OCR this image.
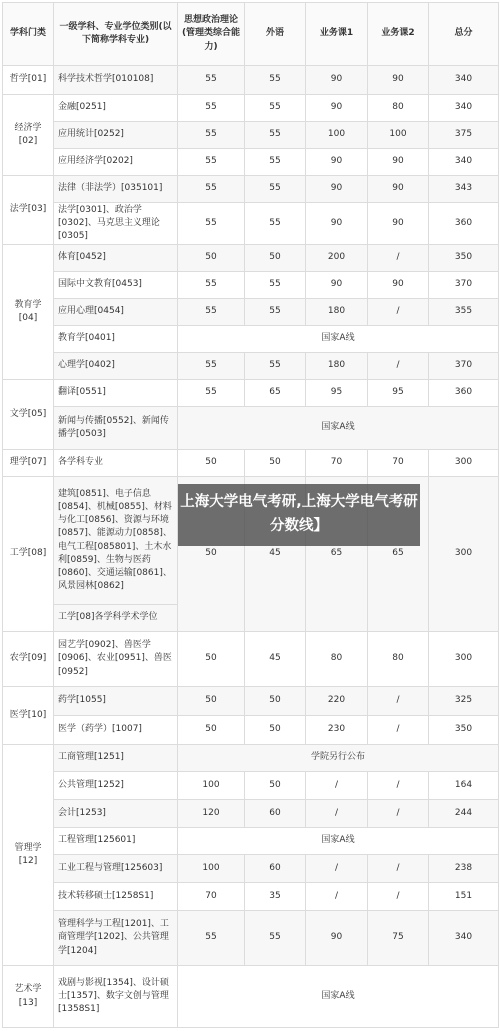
学科门类	一级学科、专业学位类别(以下简称学科专业)	思想政治理论(管理类综合能力)	外语	业务课1	业务课2	总分
哲学[01]	科学技术哲学[010108]	55	55	90	90	340
经济学[02]	金融[0251]	55	55	90	80	340
	应用统计[0252]	55	55	100	100	375
	应用经济学[0202]	55	55	90	90	340
法学[03]	法律（非法学）[035101]	55	55	90	90	343
	法学[0301]、政治学[0302]、马克思主义理论[0305]	55	55	90	90	360
教育学[04]	体育[0452]	50	50	200	/	350
	国际中文教育[0453]	55	55	90	90	370
	应用心理[0454]	55	55	180	/	355
	教育学[0401]	国家A线				
	心理学[0402]	55	55	180	/	370
文学[05]	翻译[0551]	55	65	95	95	360
	新闻与传播[0552]、新闻传播学[0503]	国家A线				
理学[07]	各学科专业	50	50	70	70	300
工学[08]	建筑[0851]、电子信息[0854]、机械[0855]、材料与化工[0856]、资源与环境[0857]、能源动力[0858]、电气工程[085801]、土木水利[0859]、生物与医药[0860]、交通运输[0861]、风景园林[0862]	50	45	65	65	300
	工学[08]各学科学术学位					
农学[09]	园艺学[0902]、兽医学[0906]、农业[0951]、兽医[0952]	50	45	80	80	300
医学[10]	药学[1055]	50	50	220	/	325
	医学（药学）[1007]	50	50	230	/	350
管理学[12]	工商管理[1251]	学院另行公布				
	公共管理[1252]	100	50	/	/	164
	会计[1253]	120	60	/	/	244
	工程管理[125601]	国家A线				
	工业工程与管理[125603]	100	60	/	/	238
	技术转移硕士[1258S1]	70	35	/	/	151
	管理科学与工程[1201]、工商管理学[1202]、公共管理学[1204]	55	55	90	75	340
艺术学[13]	戏剧与影视[1354]、设计硕士[1357]、数字文创与管理[1358S1]	国家A线				
上海大学电气考研,上海大学电气考研分数线】
